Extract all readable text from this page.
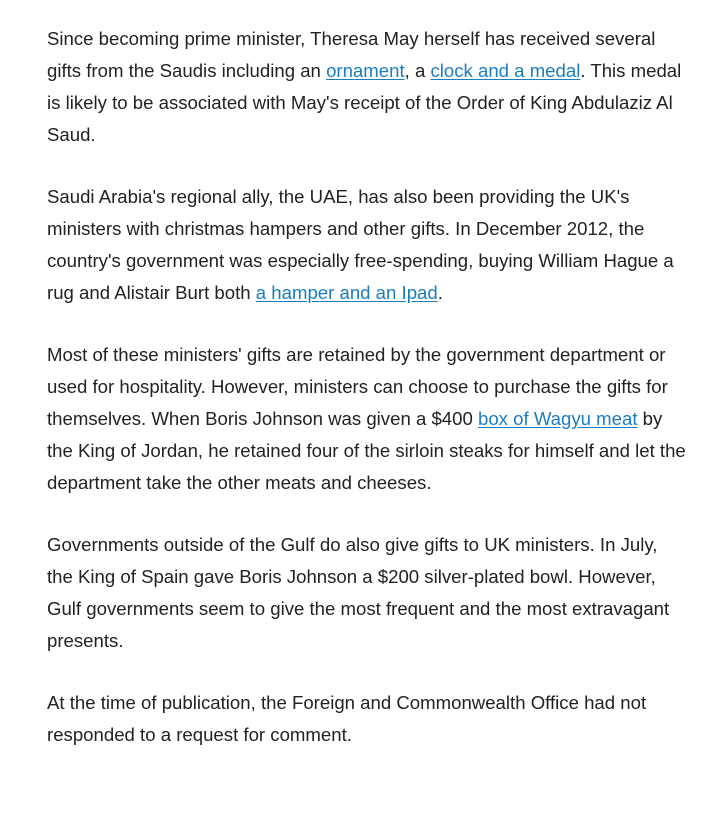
Since becoming prime minister, Theresa May herself has received several gifts from the Saudis including an ornament, a clock and a medal. This medal is likely to be associated with May's receipt of the Order of King Abdulaziz Al Saud.

Saudi Arabia's regional ally, the UAE, has also been providing the UK's ministers with christmas hampers and other gifts. In December 2012, the country's government was especially free-spending, buying William Hague a rug and Alistair Burt both a hamper and an Ipad.

Most of these ministers' gifts are retained by the government department or used for hospitality. However, ministers can choose to purchase the gifts for themselves. When Boris Johnson was given a $400 box of Wagyu meat by the King of Jordan, he retained four of the sirloin steaks for himself and let the department take the other meats and cheeses.

Governments outside of the Gulf do also give gifts to UK ministers. In July, the King of Spain gave Boris Johnson a $200 silver-plated bowl. However, Gulf governments seem to give the most frequent and the most extravagant presents.

At the time of publication, the Foreign and Commonwealth Office had not responded to a request for comment.
